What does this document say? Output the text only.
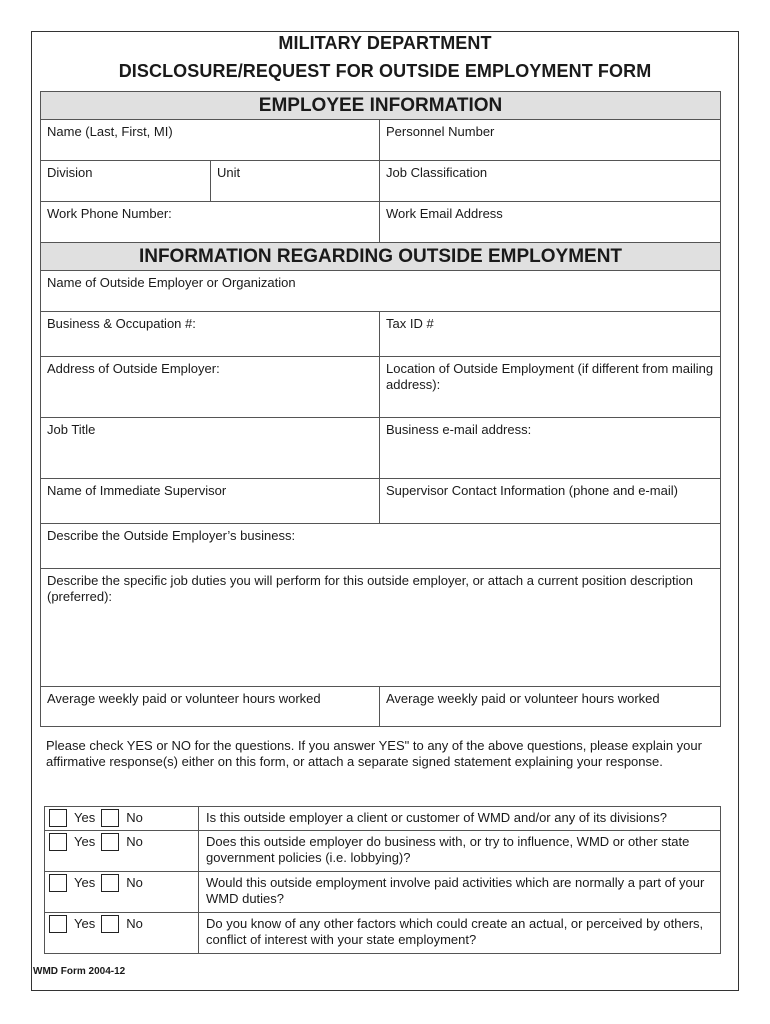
MILITARY DEPARTMENT
DISCLOSURE/REQUEST FOR OUTSIDE EMPLOYMENT FORM
EMPLOYEE INFORMATION		
Name (Last, First, MI)		Personnel Number
Division	Unit	Job Classification
Work Phone Number:		Work Email Address
INFORMATION REGARDING OUTSIDE EMPLOYMENT	
Name of Outside Employer or Organization	
Business & Occupation #:	Tax ID #
Address of Outside Employer:	Location of Outside Employment (if different from mailing address):
Job Title	Business e-mail address:
Name of Immediate Supervisor	Supervisor Contact Information (phone and e-mail)
Describe the Outside Employer’s business:	
Describe the specific job duties you will perform for this outside employer, or attach a current position description (preferred):	
Average weekly paid or volunteer hours worked	Average weekly paid or volunteer hours worked
Please check YES or NO for the questions. If you answer YES" to any of the above questions, please explain your affirmative response(s) either on this form, or attach a separate signed statement explaining your response.
Yes No	Is this outside employer a client or customer of WMD and/or any of its divisions?

Yes No	Does this outside employer do business with, or try to influence, WMD or other state government policies (i.e. lobbying)?

Yes No	Would this outside employment involve paid activities which are normally a part of your WMD duties?

Yes No	Do you know of any other factors which could create an actual, or perceived by others, conflict of interest with your state employment?
WMD Form 2004-12
